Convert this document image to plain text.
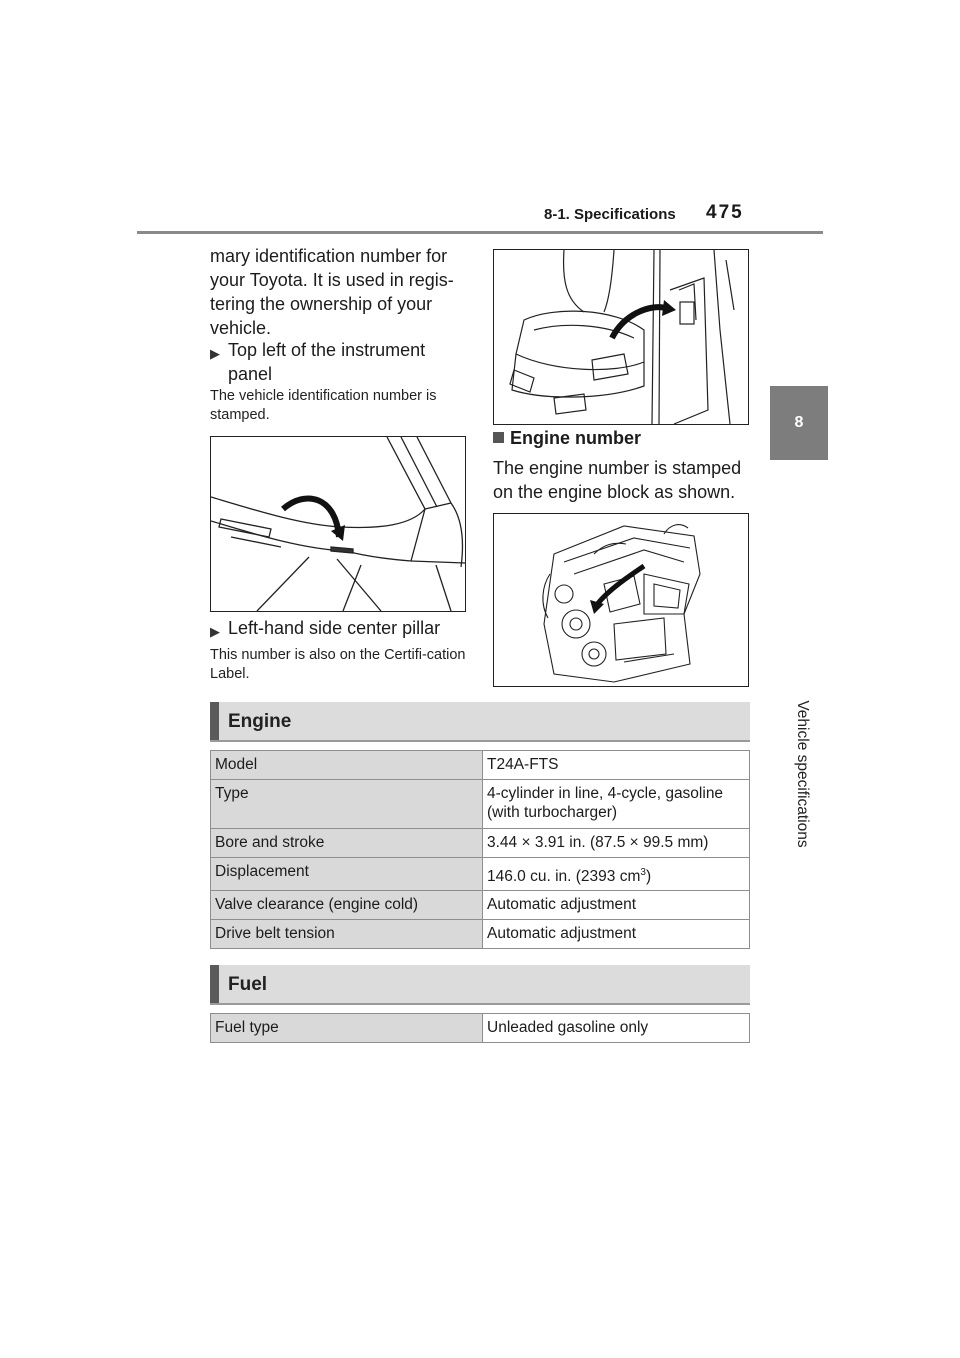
8-1. Specifications 475
8
Vehicle specifications
mary identification number for your Toyota. It is used in regis-tering the ownership of your vehicle.
▶ Top left of the instrument panel
The vehicle identification number is stamped.
▶ Left-hand side center pillar
This number is also on the Certifi-cation Label.
Engine number
The engine number is stamped on the engine block as shown.
Engine
Model	T24A-FTS
Type	4-cylinder in line, 4-cycle, gasoline (with turbocharger)
Bore and stroke	3.44 × 3.91 in. (87.5 × 99.5 mm)
Displacement	146.0 cu. in. (2393 $cm^3$)
Valve clearance (engine cold)	Automatic adjustment
Drive belt tension	Automatic adjustment
Fuel
Fuel type	Unleaded gasoline only
